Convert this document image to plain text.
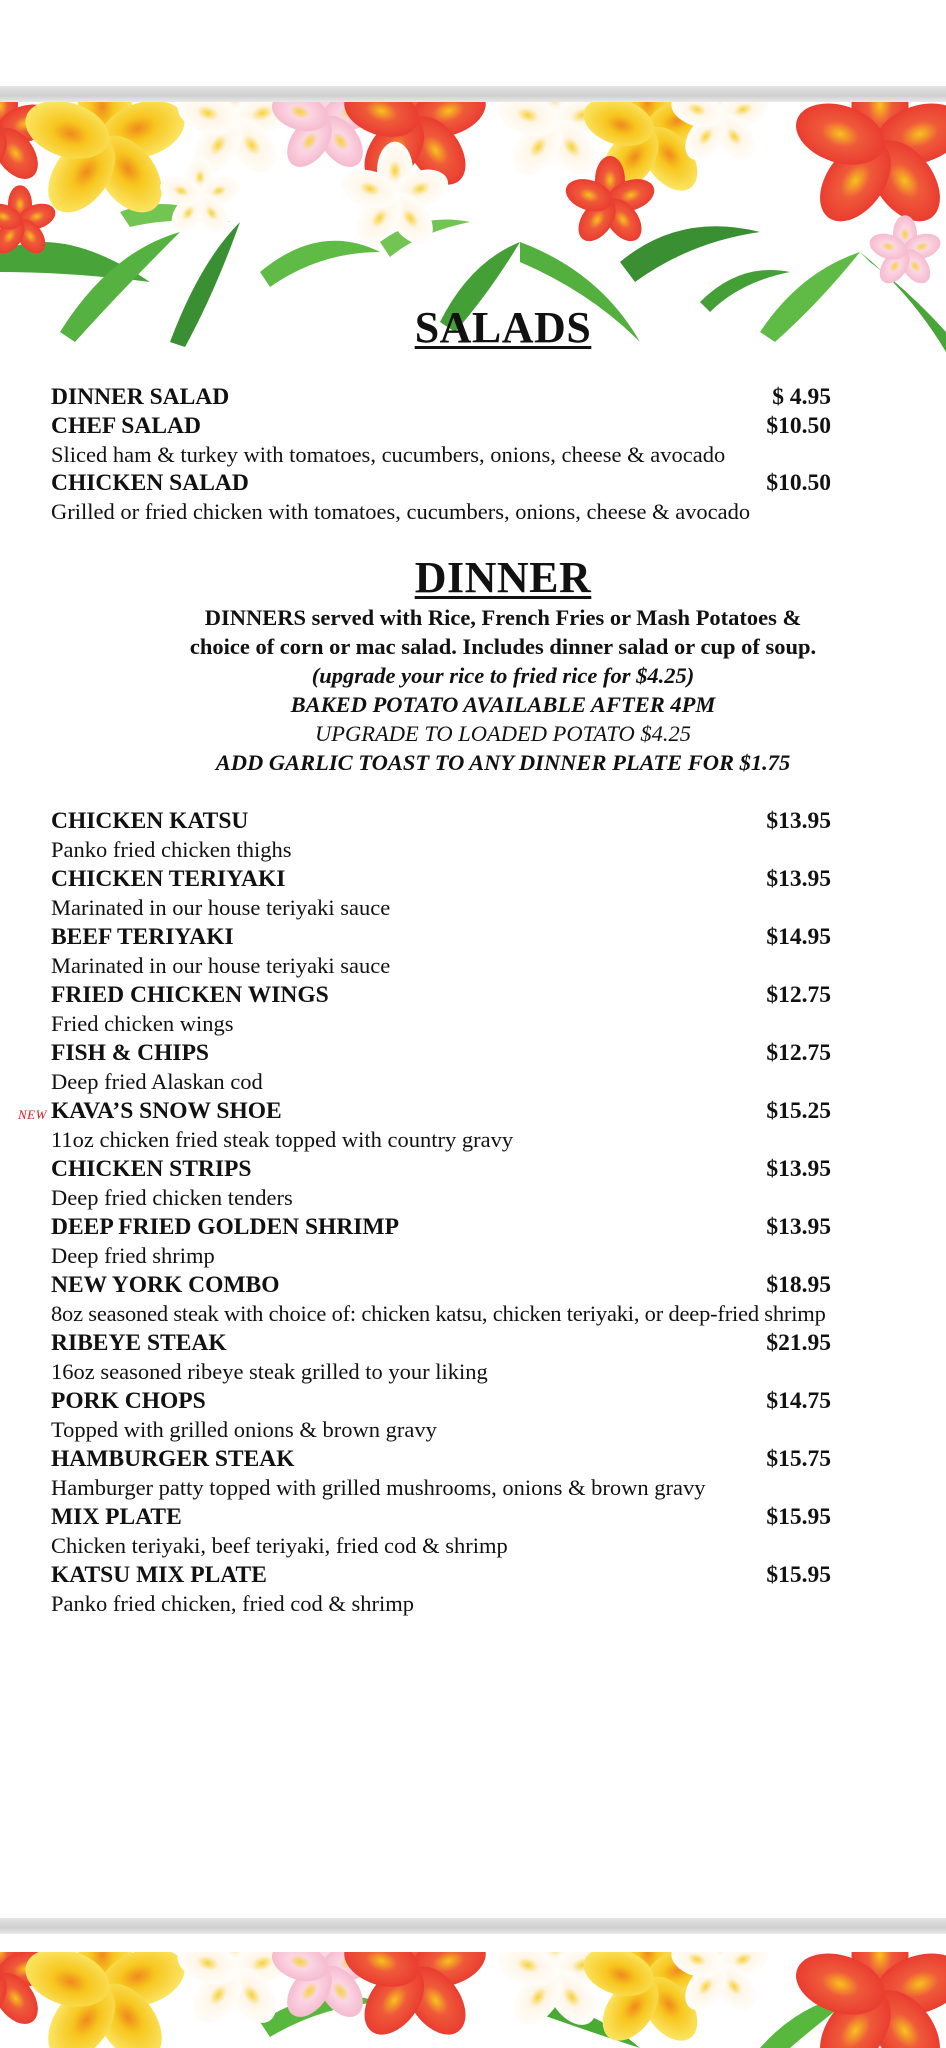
SALADS
DINNER SALAD	$ 4.95
CHEF SALAD	$10.50
Sliced ham & turkey with tomatoes, cucumbers, onions, cheese & avocado
CHICKEN SALAD	$10.50
Grilled or fried chicken with tomatoes, cucumbers, onions, cheese & avocado
DINNER
DINNERS served with Rice, French Fries or Mash Potatoes &
choice of corn or mac salad. Includes dinner salad or cup of soup.
(upgrade your rice to fried rice for $4.25)
BAKED POTATO AVAILABLE AFTER 4PM
UPGRADE TO LOADED POTATO $4.25
ADD GARLIC TOAST TO ANY DINNER PLATE FOR $1.75
CHICKEN KATSU	$13.95
Panko fried chicken thighs
CHICKEN TERIYAKI	$13.95
Marinated in our house teriyaki sauce
BEEF TERIYAKI	$14.95
Marinated in our house teriyaki sauce
FRIED CHICKEN WINGS	$12.75
Fried chicken wings
FISH & CHIPS	$12.75
Deep fried Alaskan cod
KAVA’S SNOW SHOE	$15.25
11oz chicken fried steak topped with country gravy
CHICKEN STRIPS	$13.95
Deep fried chicken tenders
DEEP FRIED GOLDEN SHRIMP	$13.95
Deep fried shrimp
NEW YORK COMBO	$18.95
8oz seasoned steak with choice of: chicken katsu, chicken teriyaki, or deep-fried shrimp
RIBEYE STEAK	$21.95
16oz seasoned ribeye steak grilled to your liking
PORK CHOPS	$14.75
Topped with grilled onions & brown gravy
HAMBURGER STEAK	$15.75
Hamburger patty topped with grilled mushrooms, onions & brown gravy
MIX PLATE	$15.95
Chicken teriyaki, beef teriyaki, fried cod & shrimp
KATSU MIX PLATE	$15.95
Panko fried chicken, fried cod & shrimp
NEW
